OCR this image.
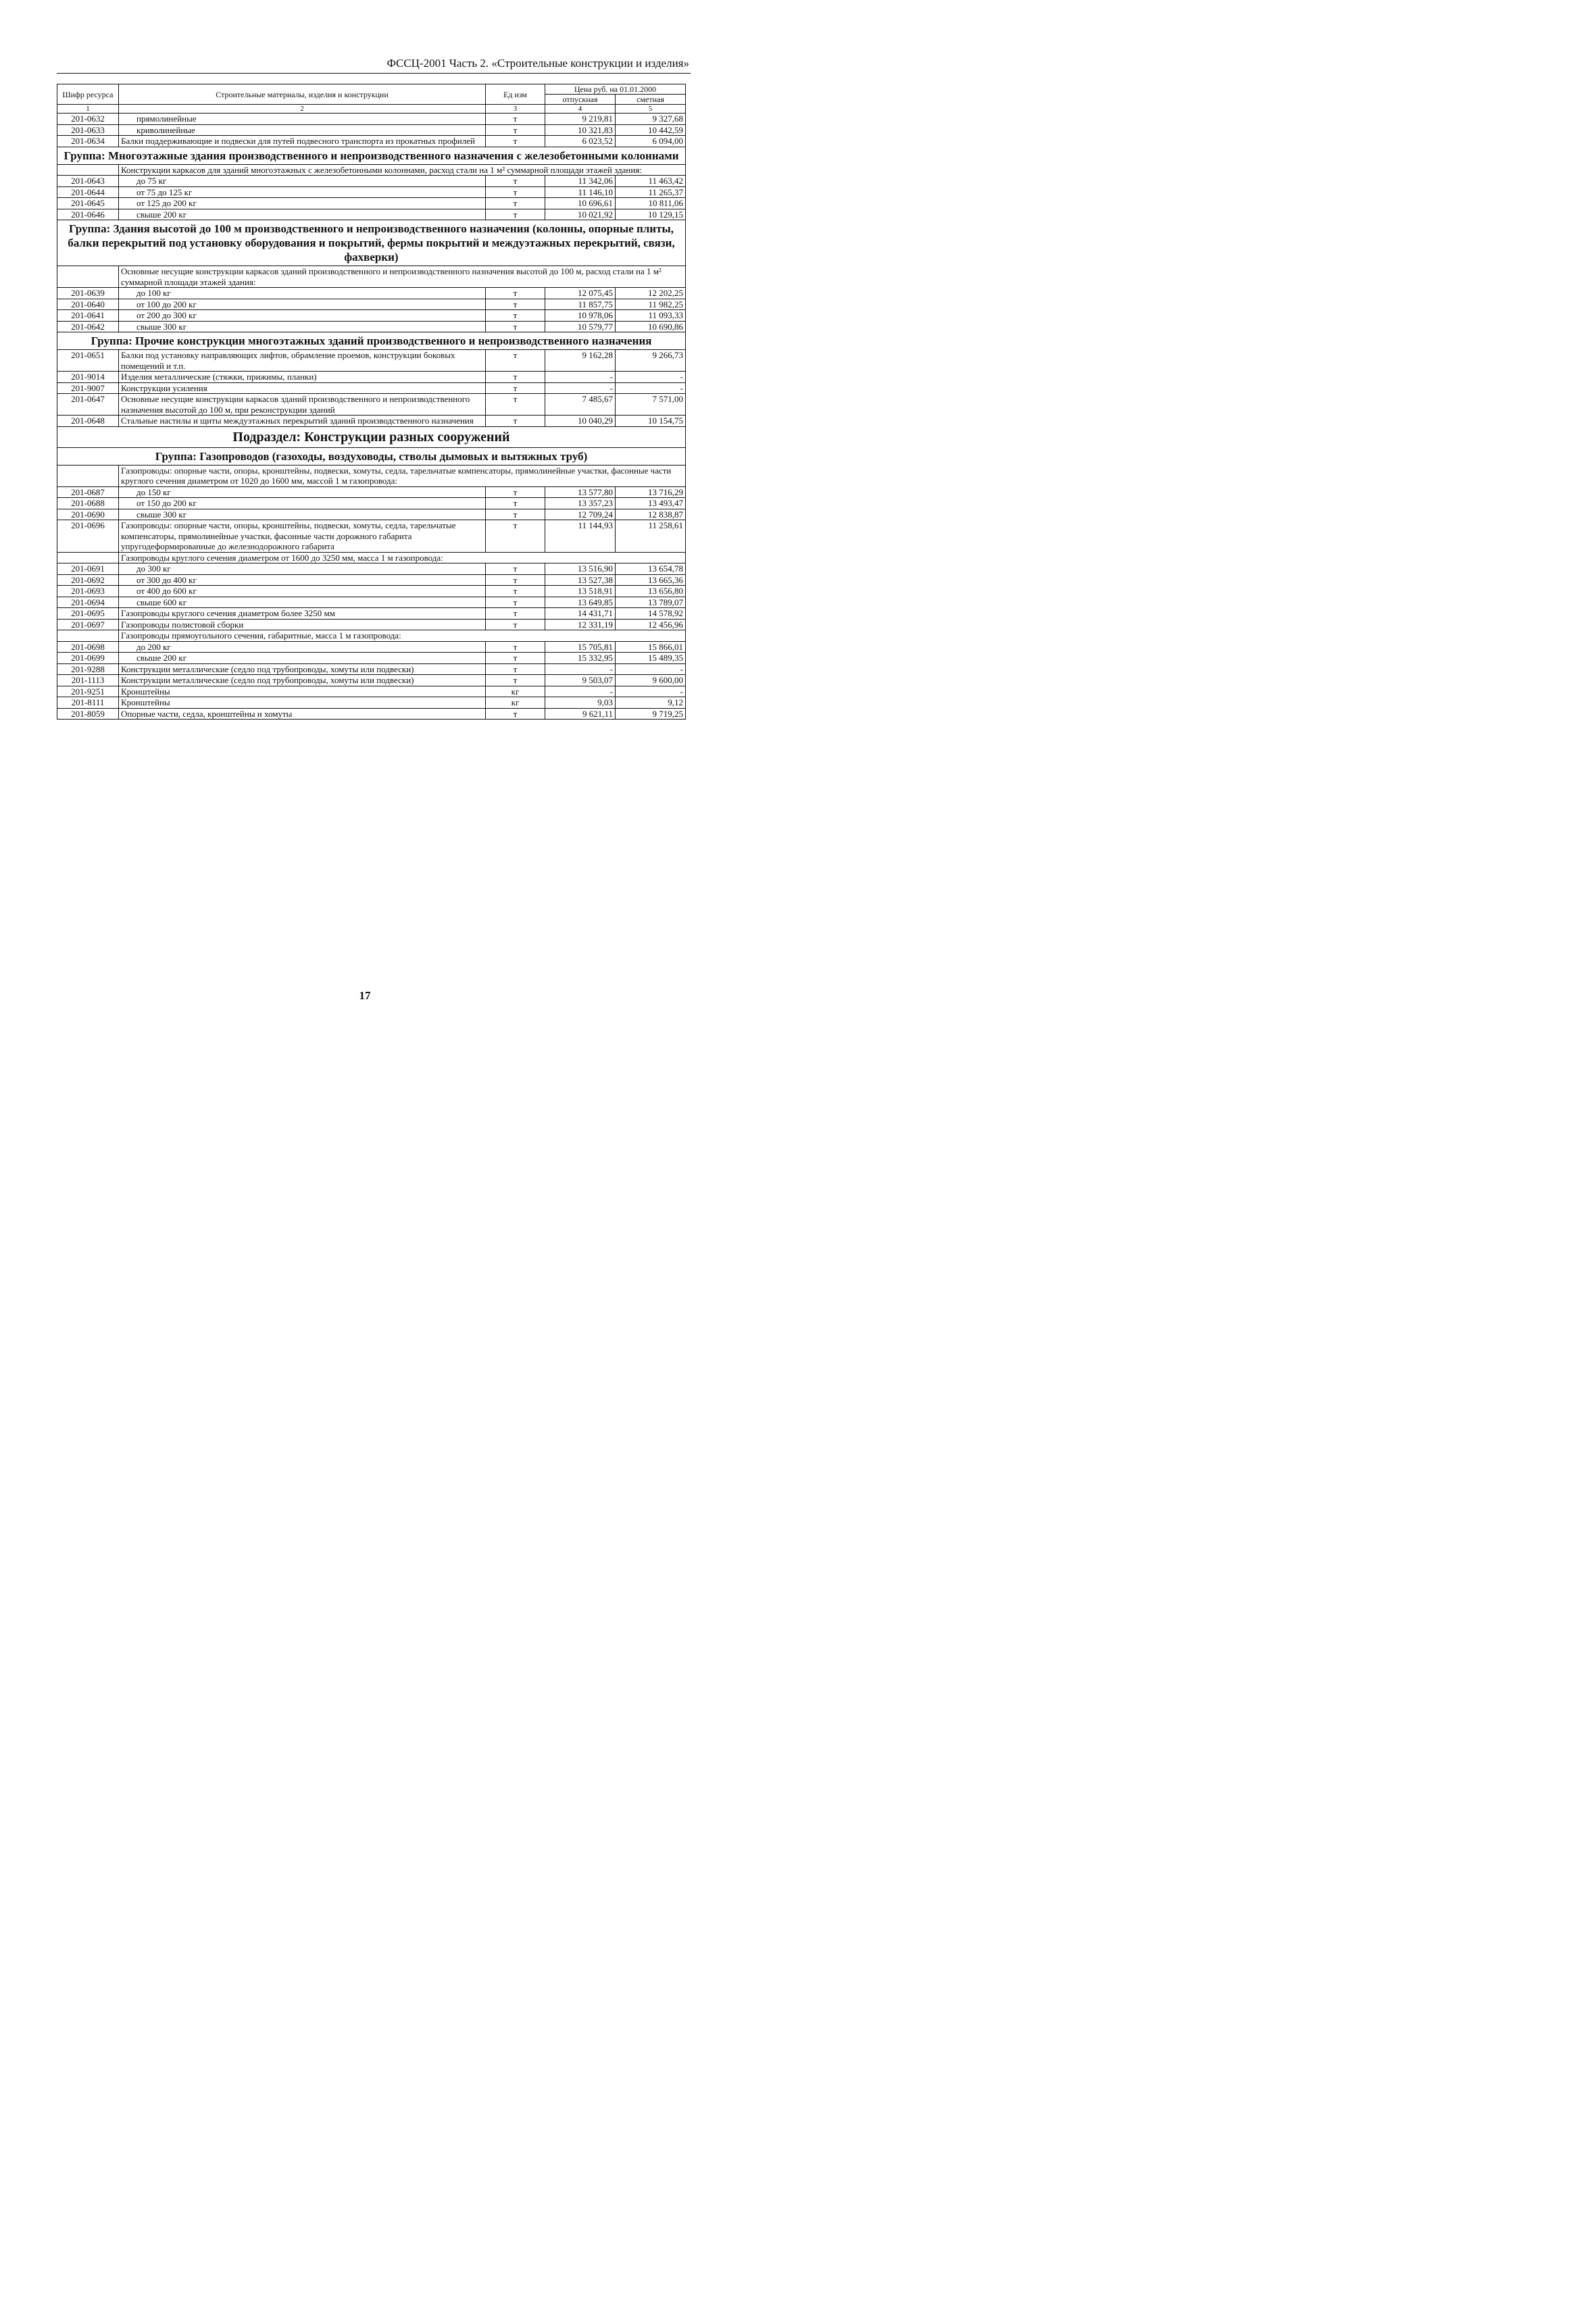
ФССЦ-2001 Часть 2. «Строительные конструкции и изделия»
Шифр ресурса	Строительные материалы, изделия и конструкции	Ед изм	Цена руб. на 01.01.2000	
			отпускная	сметная
1	2	3	4	5
201-0632	прямолинейные	т	9 219,81	9 327,68
201-0633	криволинейные	т	10 321,83	10 442,59
201-0634	Балки поддерживающие и подвески для путей подвесного транспорта из прокатных профилей	т	6 023,52	6 094,00
Группа: Многоэтажные здания производственного и непроизводственного назначения с железобетонными колоннами				
	Конструкции каркасов для зданий многоэтажных с железобетонными колоннами, расход стали на 1 м² суммарной площади этажей здания:			
201-0643	до 75 кг	т	11 342,06	11 463,42
201-0644	от 75 до 125 кг	т	11 146,10	11 265,37
201-0645	от 125 до 200 кг	т	10 696,61	10 811,06
201-0646	свыше 200 кг	т	10 021,92	10 129,15
Группа: Здания высотой до 100 м производственного и непроизводственного назначения (колонны, опорные плиты, балки перекрытий под установку оборудования и покрытий, фермы покрытий и междуэтажных перекрытий, связи, фахверки)				
	Основные несущие конструкции каркасов зданий производственного и непроизводственного назначения высотой до 100 м, расход стали на 1 м² суммарной площади этажей здания:			
201-0639	до 100 кг	т	12 075,45	12 202,25
201-0640	от 100 до 200 кг	т	11 857,75	11 982,25
201-0641	от 200 до 300 кг	т	10 978,06	11 093,33
201-0642	свыше 300 кг	т	10 579,77	10 690,86
Группа: Прочие конструкции многоэтажных зданий производственного и непроизводственного назначения				
201-0651	Балки под установку направляющих лифтов, обрамление проемов, конструкции боковых помещений и т.п.	т	9 162,28	9 266,73
201-9014	Изделия металлические (стяжки, прижимы, планки)	т	-	-
201-9007	Конструкции усиления	т	-	-
201-0647	Основные несущие конструкции каркасов зданий производственного и непроизводственного назначения высотой до 100 м, при реконструкции зданий	т	7 485,67	7 571,00
201-0648	Стальные настилы и щиты междуэтажных перекрытий зданий производственного назначения	т	10 040,29	10 154,75
Подраздел: Конструкции разных сооружений				
Группа: Газопроводов (газоходы, воздуховоды, стволы дымовых и вытяжных труб)				
	Газопроводы: опорные части, опоры, кронштейны, подвески, хомуты, седла, тарельчатые компенсаторы, прямолинейные участки, фасонные части круглого сечения диаметром от 1020 до 1600 мм, массой 1 м газопровода:			
201-0687	до 150 кг	т	13 577,80	13 716,29
201-0688	от 150 до 200 кг	т	13 357,23	13 493,47
201-0690	свыше 300 кг	т	12 709,24	12 838,87
201-0696	Газопроводы: опорные части, опоры, кронштейны, подвески, хомуты, седла, тарельчатые компенсаторы, прямолинейные участки, фасонные части дорожного габарита упругодеформированные до железнодорожного габарита	т	11 144,93	11 258,61
	Газопроводы круглого сечения диаметром от 1600 до 3250 мм, масса 1 м газопровода:			
201-0691	до 300 кг	т	13 516,90	13 654,78
201-0692	от 300 до 400 кг	т	13 527,38	13 665,36
201-0693	от 400 до 600 кг	т	13 518,91	13 656,80
201-0694	свыше 600 кг	т	13 649,85	13 789,07
201-0695	Газопроводы круглого сечения диаметром более 3250 мм	т	14 431,71	14 578,92
201-0697	Газопроводы полистовой сборки	т	12 331,19	12 456,96
	Газопроводы прямоугольного сечения, габаритные, масса 1 м газопровода:			
201-0698	до 200 кг	т	15 705,81	15 866,01
201-0699	свыше 200 кг	т	15 332,95	15 489,35
201-9288	Конструкции металлические (седло под трубопроводы, хомуты или подвески)	т	-	-
201-1113	Конструкции металлические (седло под трубопроводы, хомуты или подвески)	т	9 503,07	9 600,00
201-9251	Кронштейны	кг	-	-
201-8111	Кронштейны	кг	9,03	9,12
201-8059	Опорные части, седла, кронштейны и хомуты	т	9 621,11	9 719,25
17
